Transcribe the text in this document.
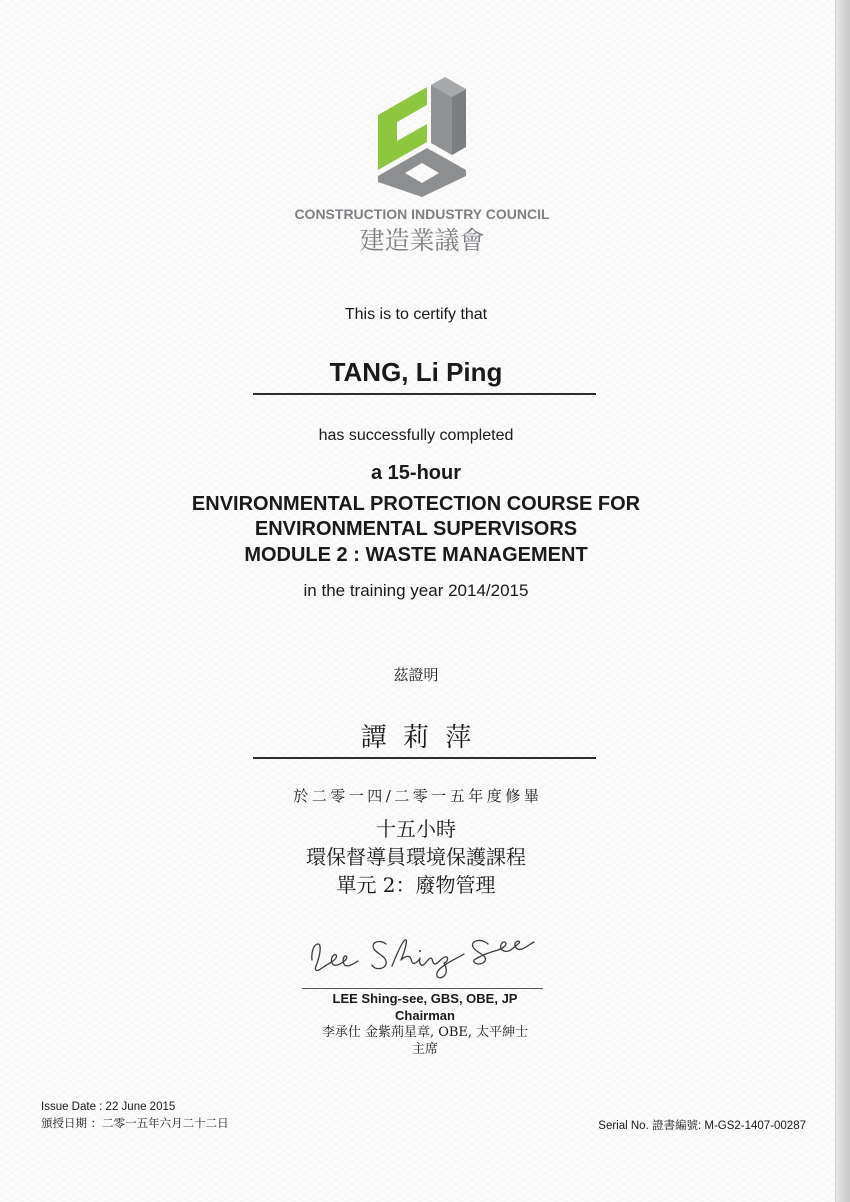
CONSTRUCTION INDUSTRY COUNCIL
建造業議會
This is to certify that
TANG, Li Ping
has successfully completed
a 15-hour
ENVIRONMENTAL PROTECTION COURSE FOR
ENVIRONMENTAL SUPERVISORS
MODULE 2 : WASTE MANAGEMENT
in the training year 2014/2015
茲證明
譚 莉 萍
於二零一四/二零一五年度修畢
十五小時
環保督導員環境保護課程
單元 2：廢物管理
LEE Shing-see, GBS, OBE, JP
Chairman
李承仕 金紫荊星章, OBE, 太平紳士
主席
Issue Date : 22 June 2015
頒授日期 ：二零一五年六月二十二日	Serial No. 證書編號: M-GS2-1407-00287
